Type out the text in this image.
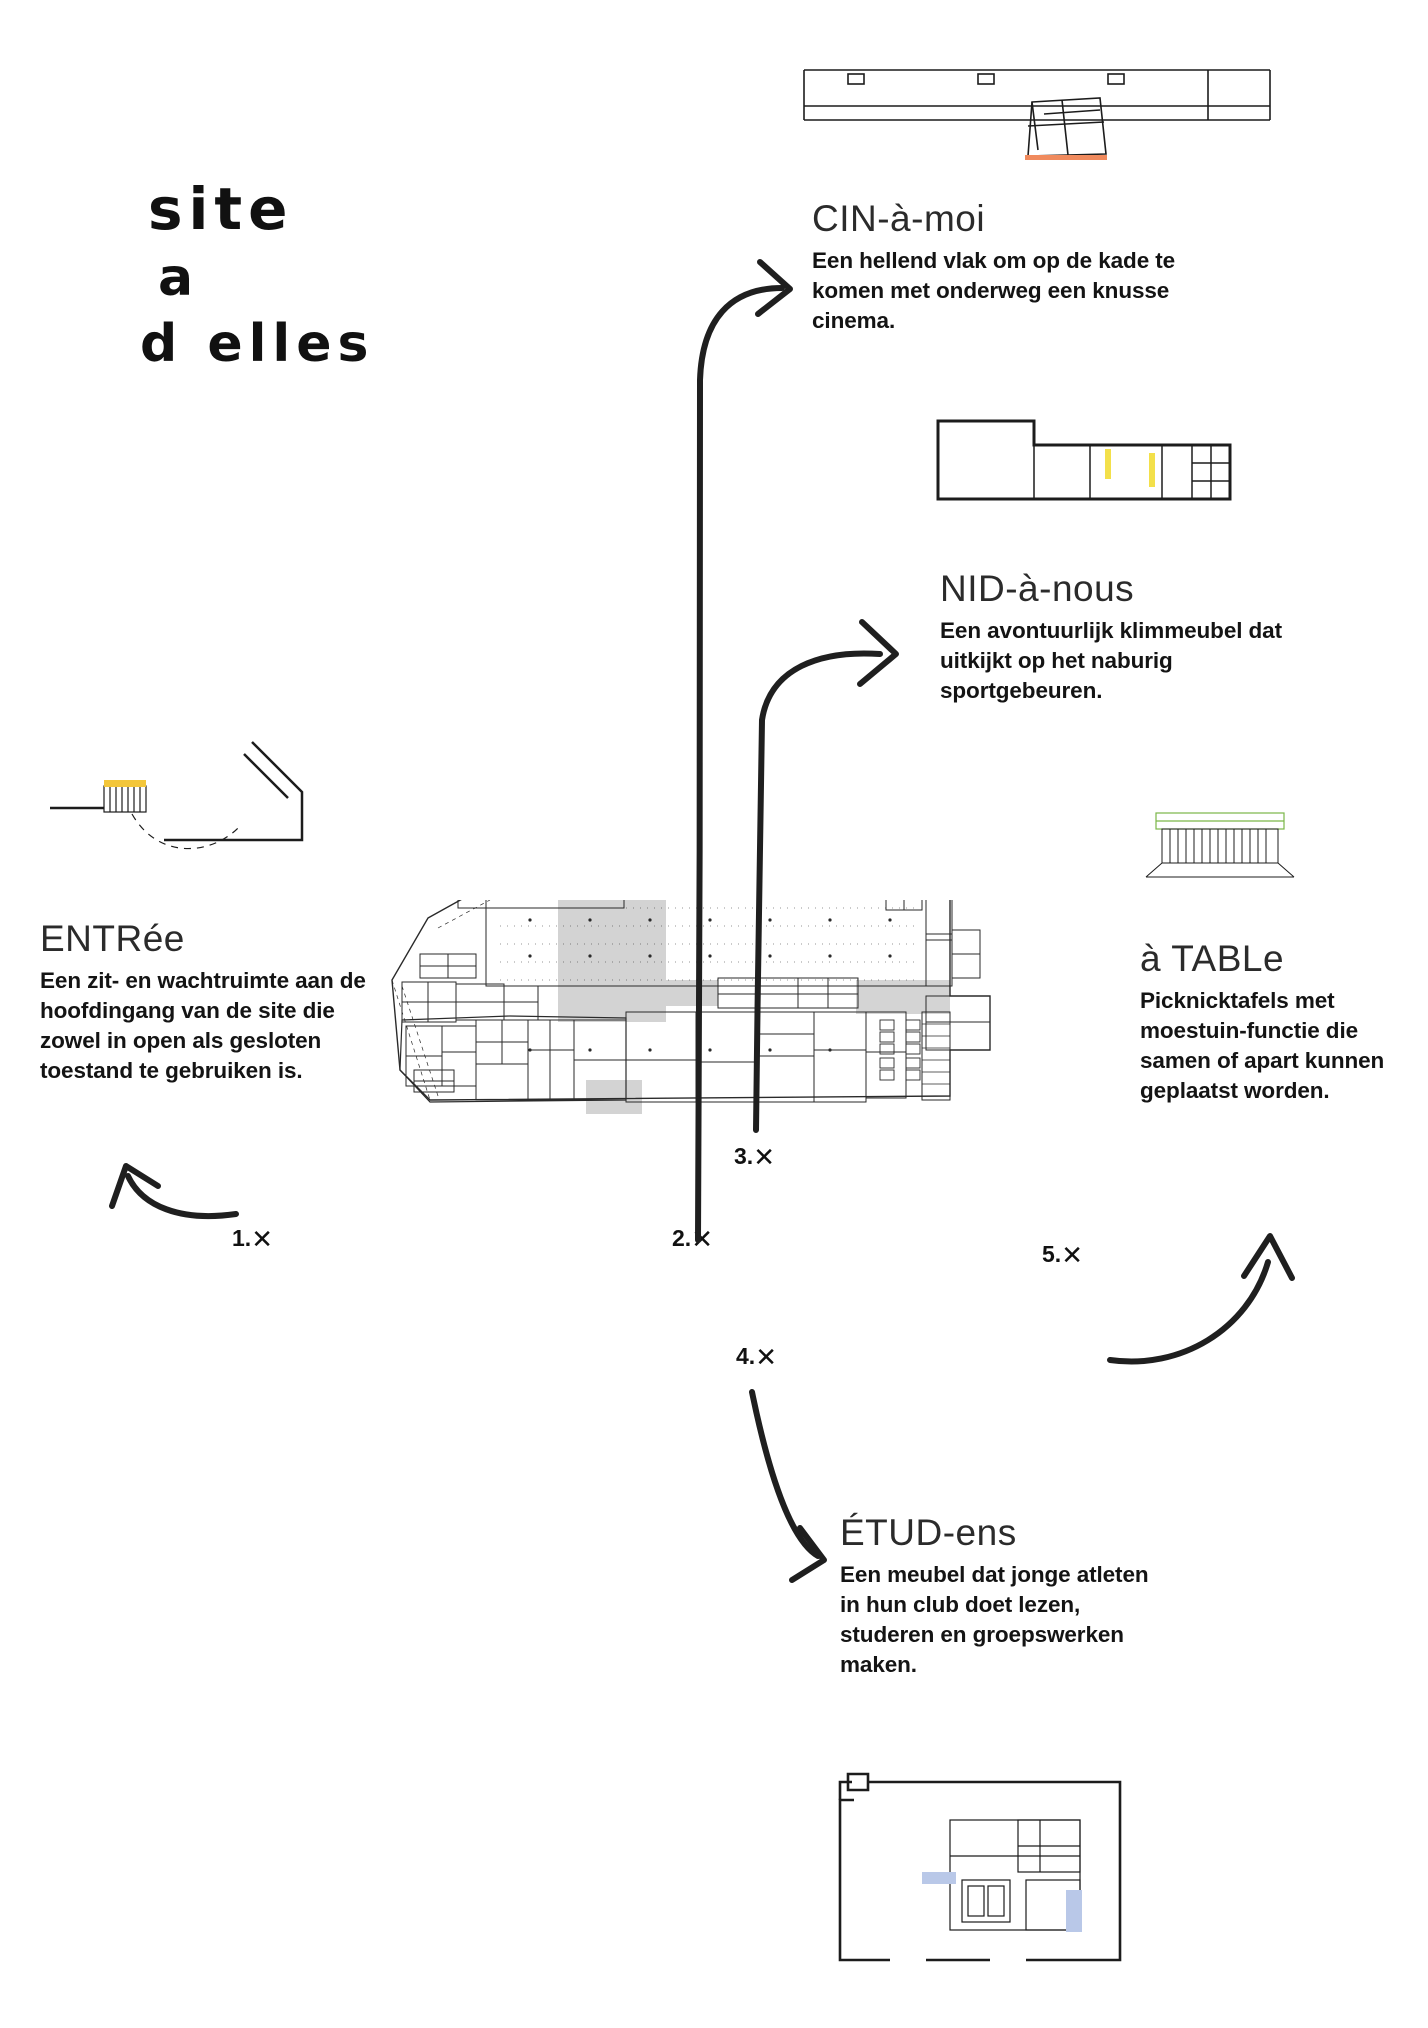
site
a
d elles
CIN-à-moi

Een hellend vlak om op de kade te komen met onderweg een knusse cinema.

NID-à-nous

Een avontuurlijk klimmeubel dat uitkijkt op het naburig sportgebeuren.

à TABLe

Picknicktafels met moestuin-functie die samen of apart kunnen geplaatst worden.

ENTRée

Een zit- en wachtruimte aan de hoofdingang van de site die zowel in open als gesloten toestand te gebruiken is.

ÉTUD-ens

Een meubel dat jonge atleten in hun club doet lezen, studeren en groepswerken maken.

1.✕	2.✕
3.✕
4.✕
5.✕
